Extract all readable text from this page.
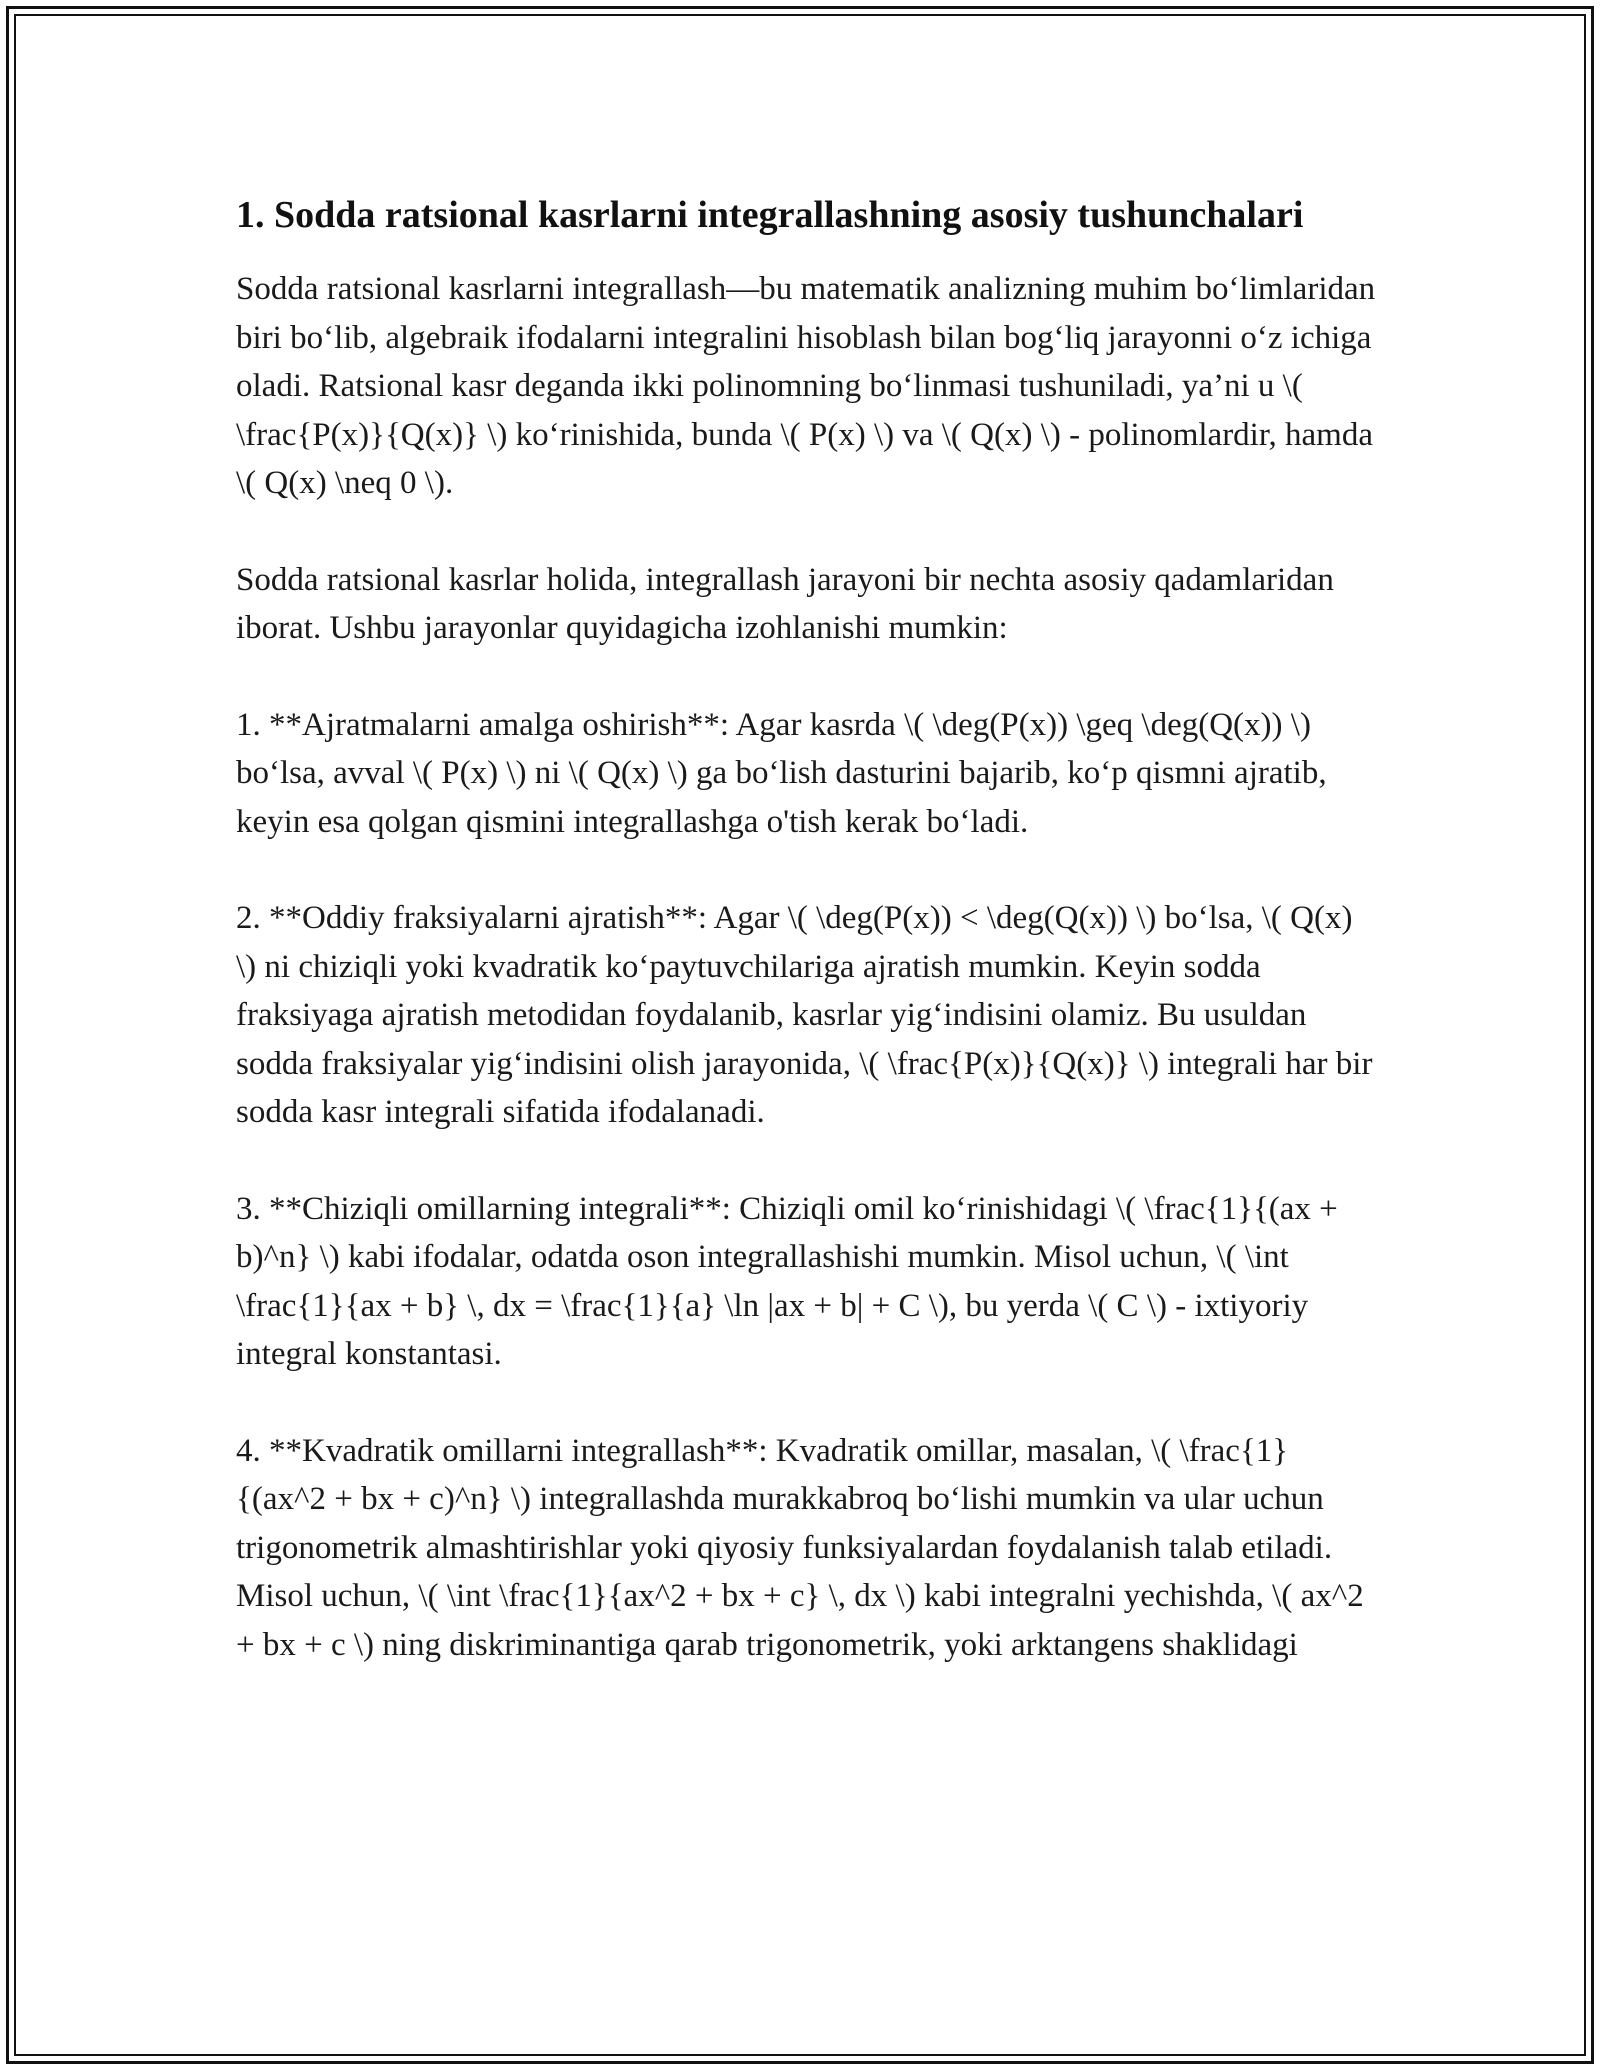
1. Sodda ratsional kasrlarni integrallashning asosiy tushunchalari

Sodda ratsional kasrlarni integrallash—bu matematik analizning muhim bo‘limlaridan biri bo‘lib, algebraik ifodalarni integralini hisoblash bilan bog‘liq jarayonni o‘z ichiga oladi. Ratsional kasr deganda ikki polinomning bo‘linmasi tushuniladi, ya’ni u \( \frac{P(x)}{Q(x)} \) ko‘rinishida, bunda \( P(x) \) va \( Q(x) \) - polinomlardir, hamda \( Q(x) \neq 0 \).

Sodda ratsional kasrlar holida, integrallash jarayoni bir nechta asosiy qadamlaridan iborat. Ushbu jarayonlar quyidagicha izohlanishi mumkin:

1. **Ajratmalarni amalga oshirish**: Agar kasrda \( \deg(P(x)) \geq \deg(Q(x)) \) bo‘lsa, avval \( P(x) \) ni \( Q(x) \) ga bo‘lish dasturini bajarib, ko‘p qismni ajratib, keyin esa qolgan qismini integrallashga o'tish kerak bo‘ladi.

2. **Oddiy fraksiyalarni ajratish**: Agar \( \deg(P(x)) < \deg(Q(x)) \) bo‘lsa, \( Q(x) \) ni chiziqli yoki kvadratik ko‘paytuvchilariga ajratish mumkin. Keyin sodda fraksiyaga ajratish metodidan foydalanib, kasrlar yig‘indisini olamiz. Bu usuldan sodda fraksiyalar yig‘indisini olish jarayonida, \( \frac{P(x)}{Q(x)} \) integrali har bir sodda kasr integrali sifatida ifodalanadi.

3. **Chiziqli omillarning integrali**: Chiziqli omil ko‘rinishidagi \( \frac{1}{(ax + b)^n} \) kabi ifodalar, odatda oson integrallashishi mumkin. Misol uchun, \( \int \frac{1}{ax + b} \, dx = \frac{1}{a} \ln |ax + b| + C \), bu yerda \( C \) - ixtiyoriy integral konstantasi.

4. **Kvadratik omillarni integrallash**: Kvadratik omillar, masalan, \( \frac{1}{(ax^2 + bx + c)^n} \) integrallashda murakkabroq bo‘lishi mumkin va ular uchun trigonometrik almashtirishlar yoki qiyosiy funksiyalardan foydalanish talab etiladi. Misol uchun, \( \int \frac{1}{ax^2 + bx + c} \, dx \) kabi integralni yechishda, \( ax^2 + bx + c \) ning diskriminantiga qarab trigonometrik, yoki arktangens shaklidagi
